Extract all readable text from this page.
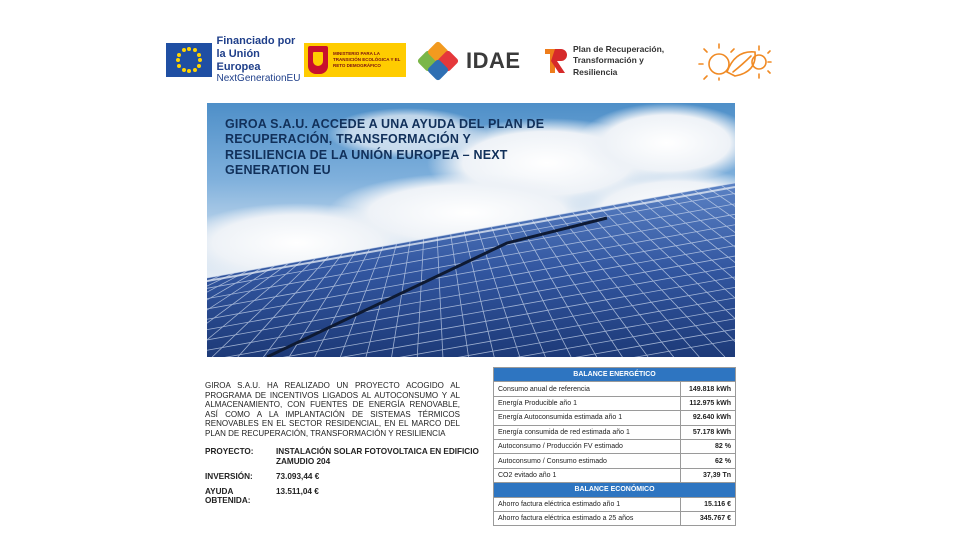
Financiado por
la Unión Europea
NextGenerationEU
MINISTERIO PARA LA TRANSICIÓN ECOLÓGICA Y EL RETO DEMOGRÁFICO	IDAE	Plan de Recuperación,
Transformación y Resiliencia
GIROA S.A.U. ACCEDE A UNA AYUDA DEL PLAN DE RECUPERACIÓN, TRANSFORMACIÓN Y RESILIENCIA DE LA UNIÓN EUROPEA – NEXT GENERATION EU
GIROA S.A.U. HA REALIZADO UN PROYECTO ACOGIDO AL PROGRAMA DE INCENTIVOS LIGADOS AL AUTOCONSUMO Y AL ALMACENAMIENTO, CON FUENTES DE ENERGÍA RENOVABLE, ASÍ COMO A LA IMPLANTACIÓN DE SISTEMAS TÉRMICOS RENOVABLES EN EL SECTOR RESIDENCIAL, EN EL MARCO DEL PLAN DE RECUPERACIÓN, TRANSFORMACIÓN Y RESILIENCIA
PROYECTO:	INSTALACIÓN SOLAR FOTOVOLTAICA EN EDIFICIO
ZAMUDIO 204
INVERSIÓN:	73.093,44 €
AYUDA OBTENIDA:
13.511,04 €
BALANCE ENERGÉTICO	
Consumo anual de referencia	149.818 kWh
Energía Producible año 1	112.975 kWh
Energía Autoconsumida estimada año 1	92.640 kWh
Energía consumida de red estimada año 1	57.178 kWh
Autoconsumo / Producción FV estimado	82 %
Autoconsumo / Consumo estimado	62 %
CO2 evitado año 1	37,39 Tn
BALANCE ECONÓMICO	
Ahorro factura eléctrica estimado año 1	15.116 €
Ahorro factura eléctrica estimado a 25 años	345.767 €
